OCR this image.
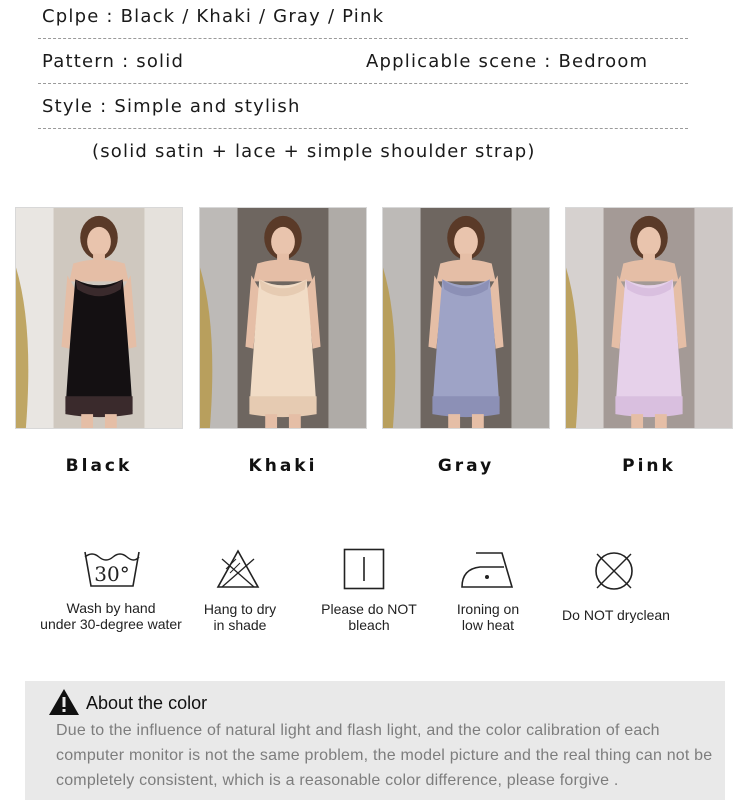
Cplpe : Black / Khaki / Gray / Pink
Pattern : solid	Applicable scene : Bedroom
Style : Simple and stylish
(solid satin + lace + simple shoulder strap)
Black	Khaki	Gray	Pink
30°
Wash by hand
under 30-degree water
Hang to dry
in shade
Please do NOT
bleach
Ironing on
low heat
Do NOT dryclean
About the color
Due to the influence of natural light and flash light, and the color calibration of each computer monitor is not the same problem, the model picture and the real thing can not be completely consistent, which is a reasonable color difference, please forgive .
